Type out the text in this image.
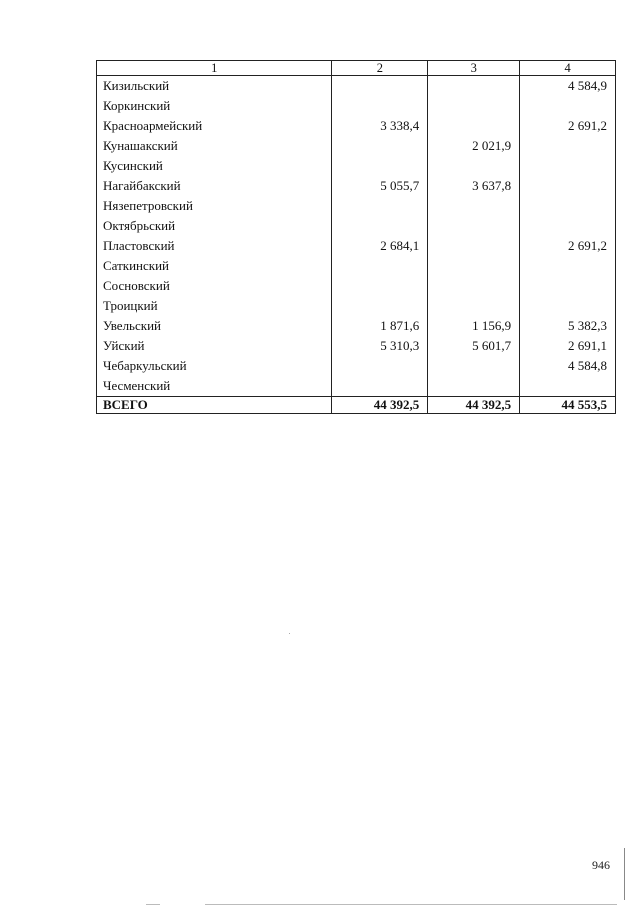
1	2	3	4
Кизильский			4 584,9
Коркинский			
Красноармейский	3 338,4		2 691,2
Кунашакский		2 021,9	
Кусинский			
Нагайбакский	5 055,7	3 637,8	
Нязепетровский			
Октябрьский			
Пластовский	2 684,1		2 691,2
Саткинский			
Сосновский			
Троицкий			
Увельский	1 871,6	1 156,9	5 382,3
Уйский	5 310,3	5 601,7	2 691,1
Чебаркульский			4 584,8
Чесменский			
ВСЕГО	44 392,5	44 392,5	44 553,5
946
